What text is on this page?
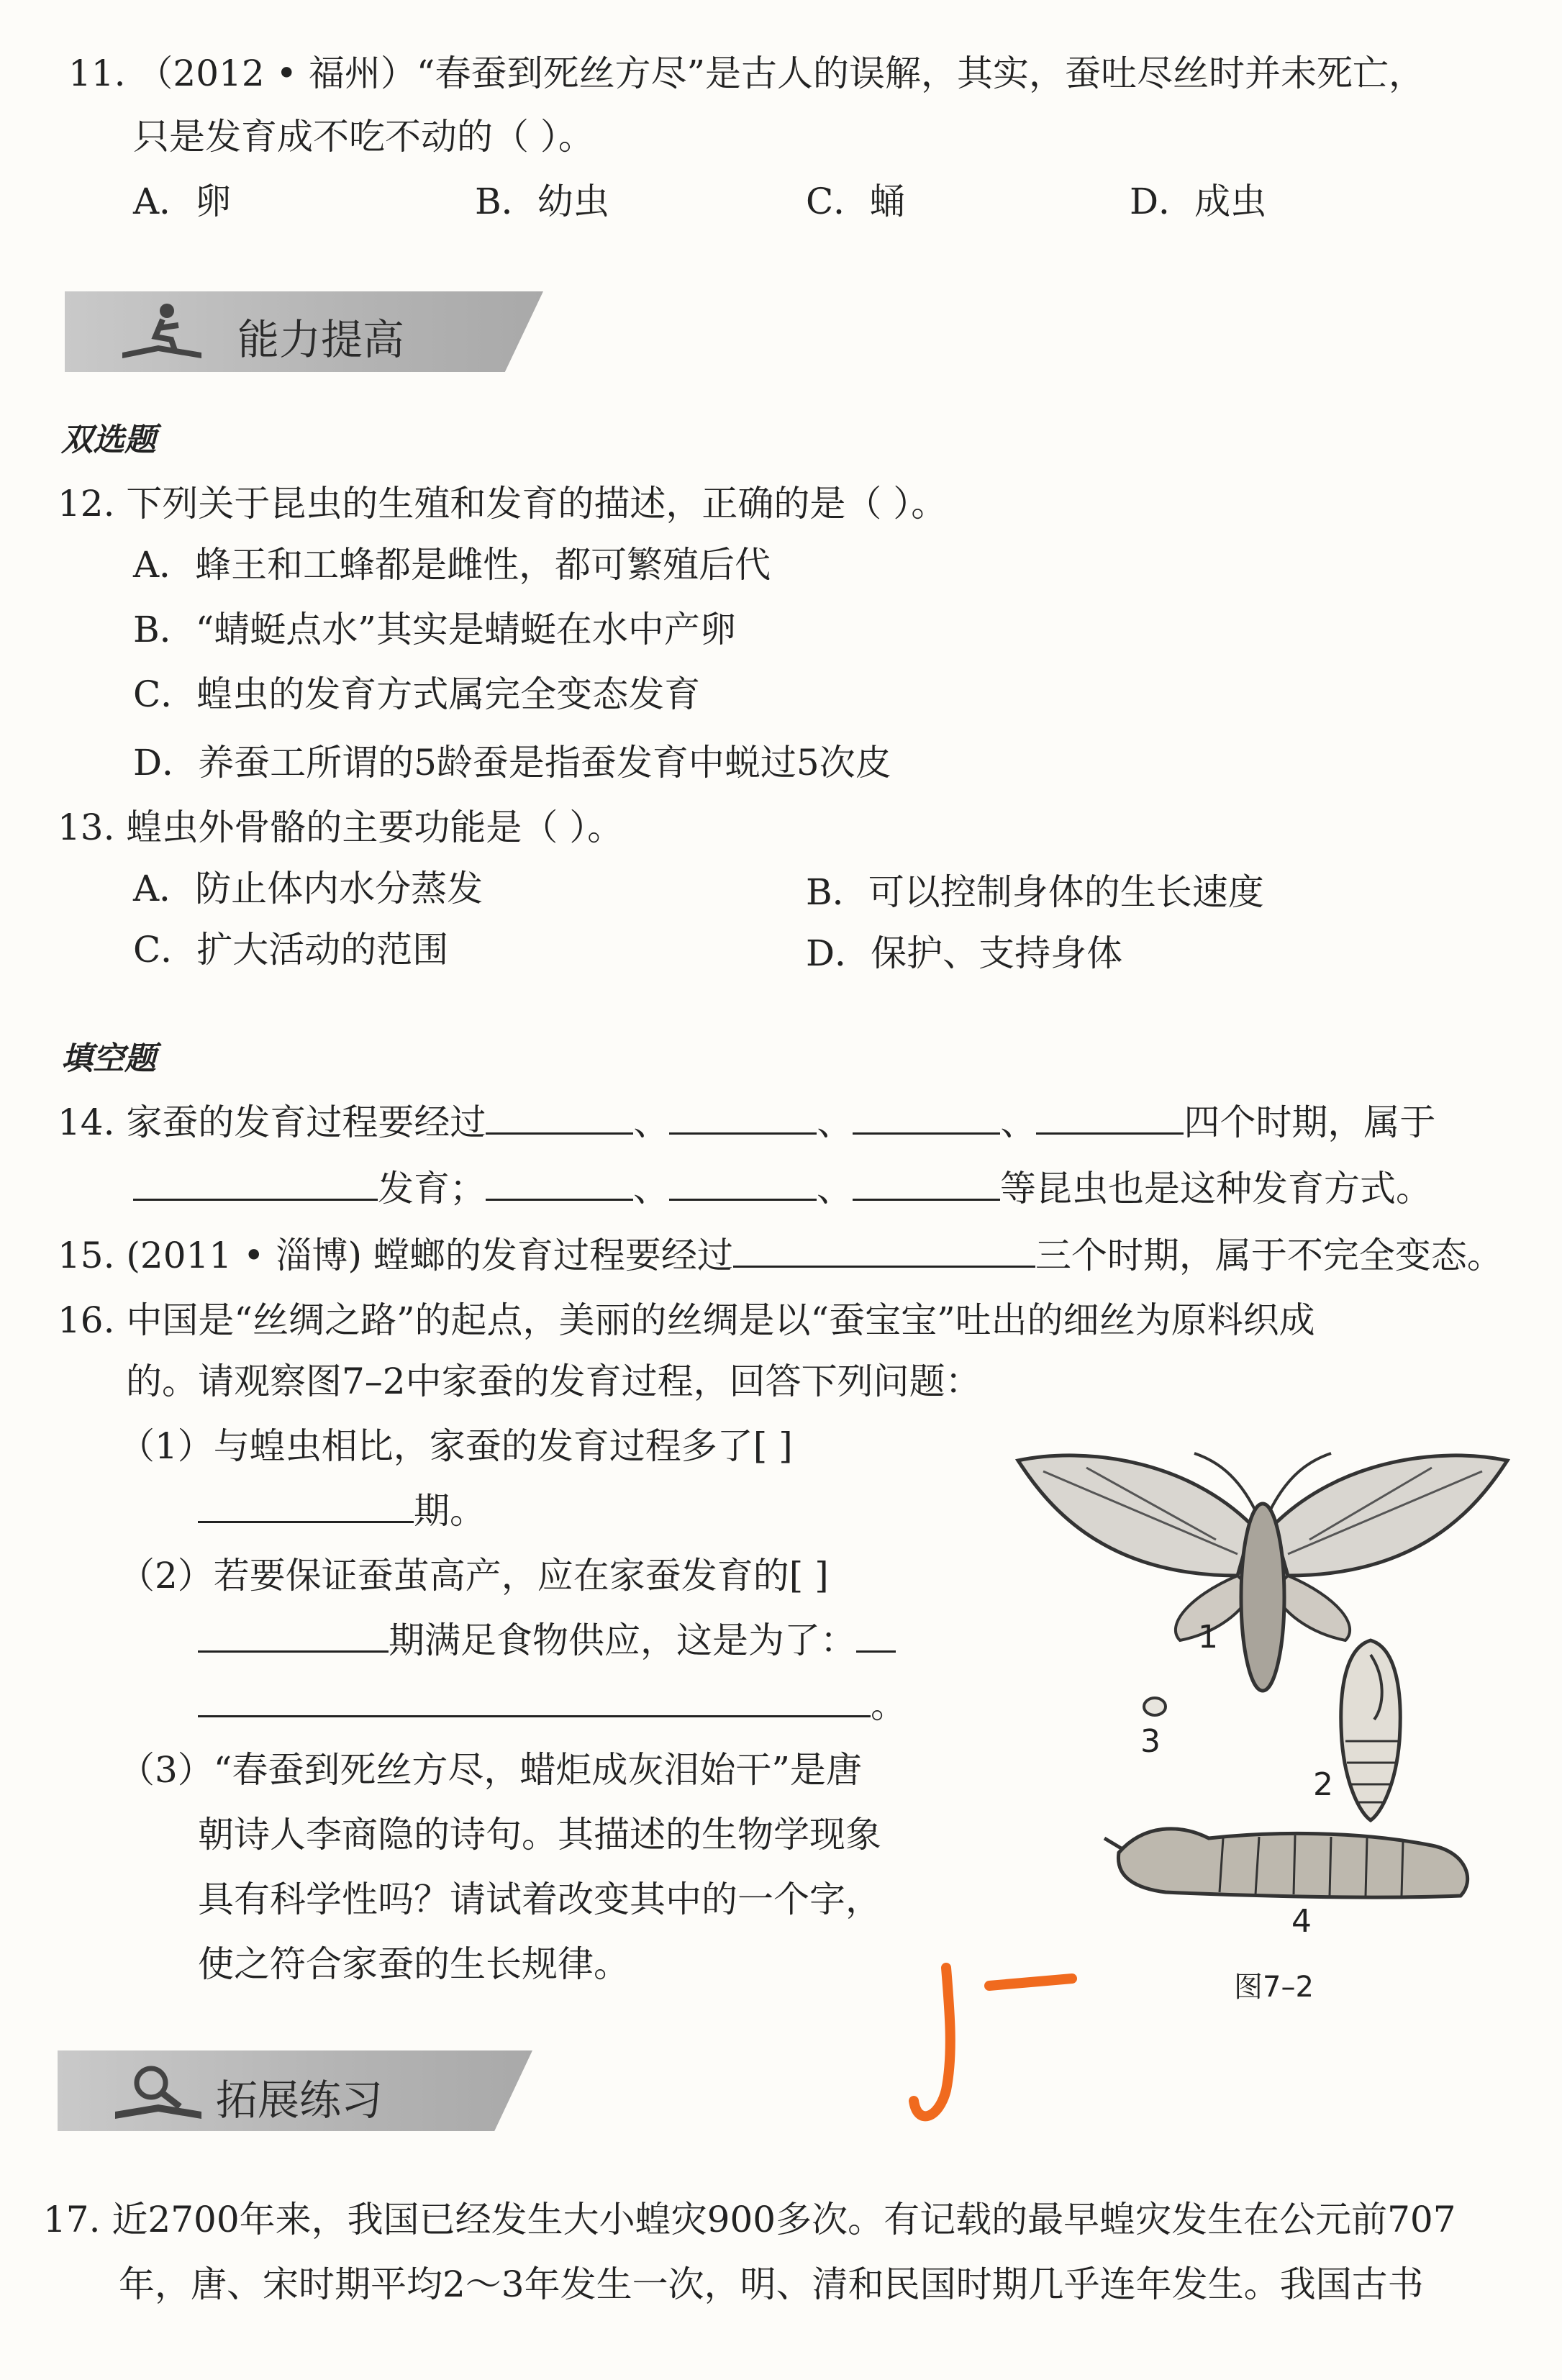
11. （2012 • 福州）“春蚕到死丝方尽”是古人的误解，其实，蚕吐尽丝时并未死亡，
只是发育成不吃不动的（ ）。
A．卵	B．幼虫	C．蛹	D．成虫
能力提高
双选题
12. 下列关于昆虫的生殖和发育的描述，正确的是（ ）。
A．蜂王和工蜂都是雌性，都可繁殖后代
B．“蜻蜓点水”其实是蜻蜓在水中产卵
C．蝗虫的发育方式属完全变态发育
D．养蚕工所谓的5龄蚕是指蚕发育中蜕过5次皮
13. 蝗虫外骨骼的主要功能是（ ）。
A．防止体内水分蒸发	B．可以控制身体的生长速度
C．扩大活动的范围	D．保护、支持身体
填空题
14. 家蚕的发育过程要经过	、	、	、	四个时期，属于
发育；	、	、	等昆虫也是这种发育方式。
15. (2011 • 淄博) 螳螂的发育过程要经过	三个时期，属于不完全变态。
16. 中国是“丝绸之路”的起点，美丽的丝绸是以“蚕宝宝”吐出的细丝为原料织成
的。请观察图7–2中家蚕的发育过程，回答下列问题：
（1）与蝗虫相比，家蚕的发育过程多了[ ]
期。
（2）若要保证蚕茧高产，应在家蚕发育的[ ]
期满足食物供应，这是为了：
。
（3）“春蚕到死丝方尽，蜡炬成灰泪始干”是唐
朝诗人李商隐的诗句。其描述的生物学现象
具有科学性吗？请试着改变其中的一个字，
使之符合家蚕的生长规律。
1
2
3
4
图7–2
拓展练习
17. 近2700年来，我国已经发生大小蝗灾900多次。有记载的最早蝗灾发生在公元前707
年，唐、宋时期平均2～3年发生一次，明、清和民国时期几乎连年发生。我国古书
